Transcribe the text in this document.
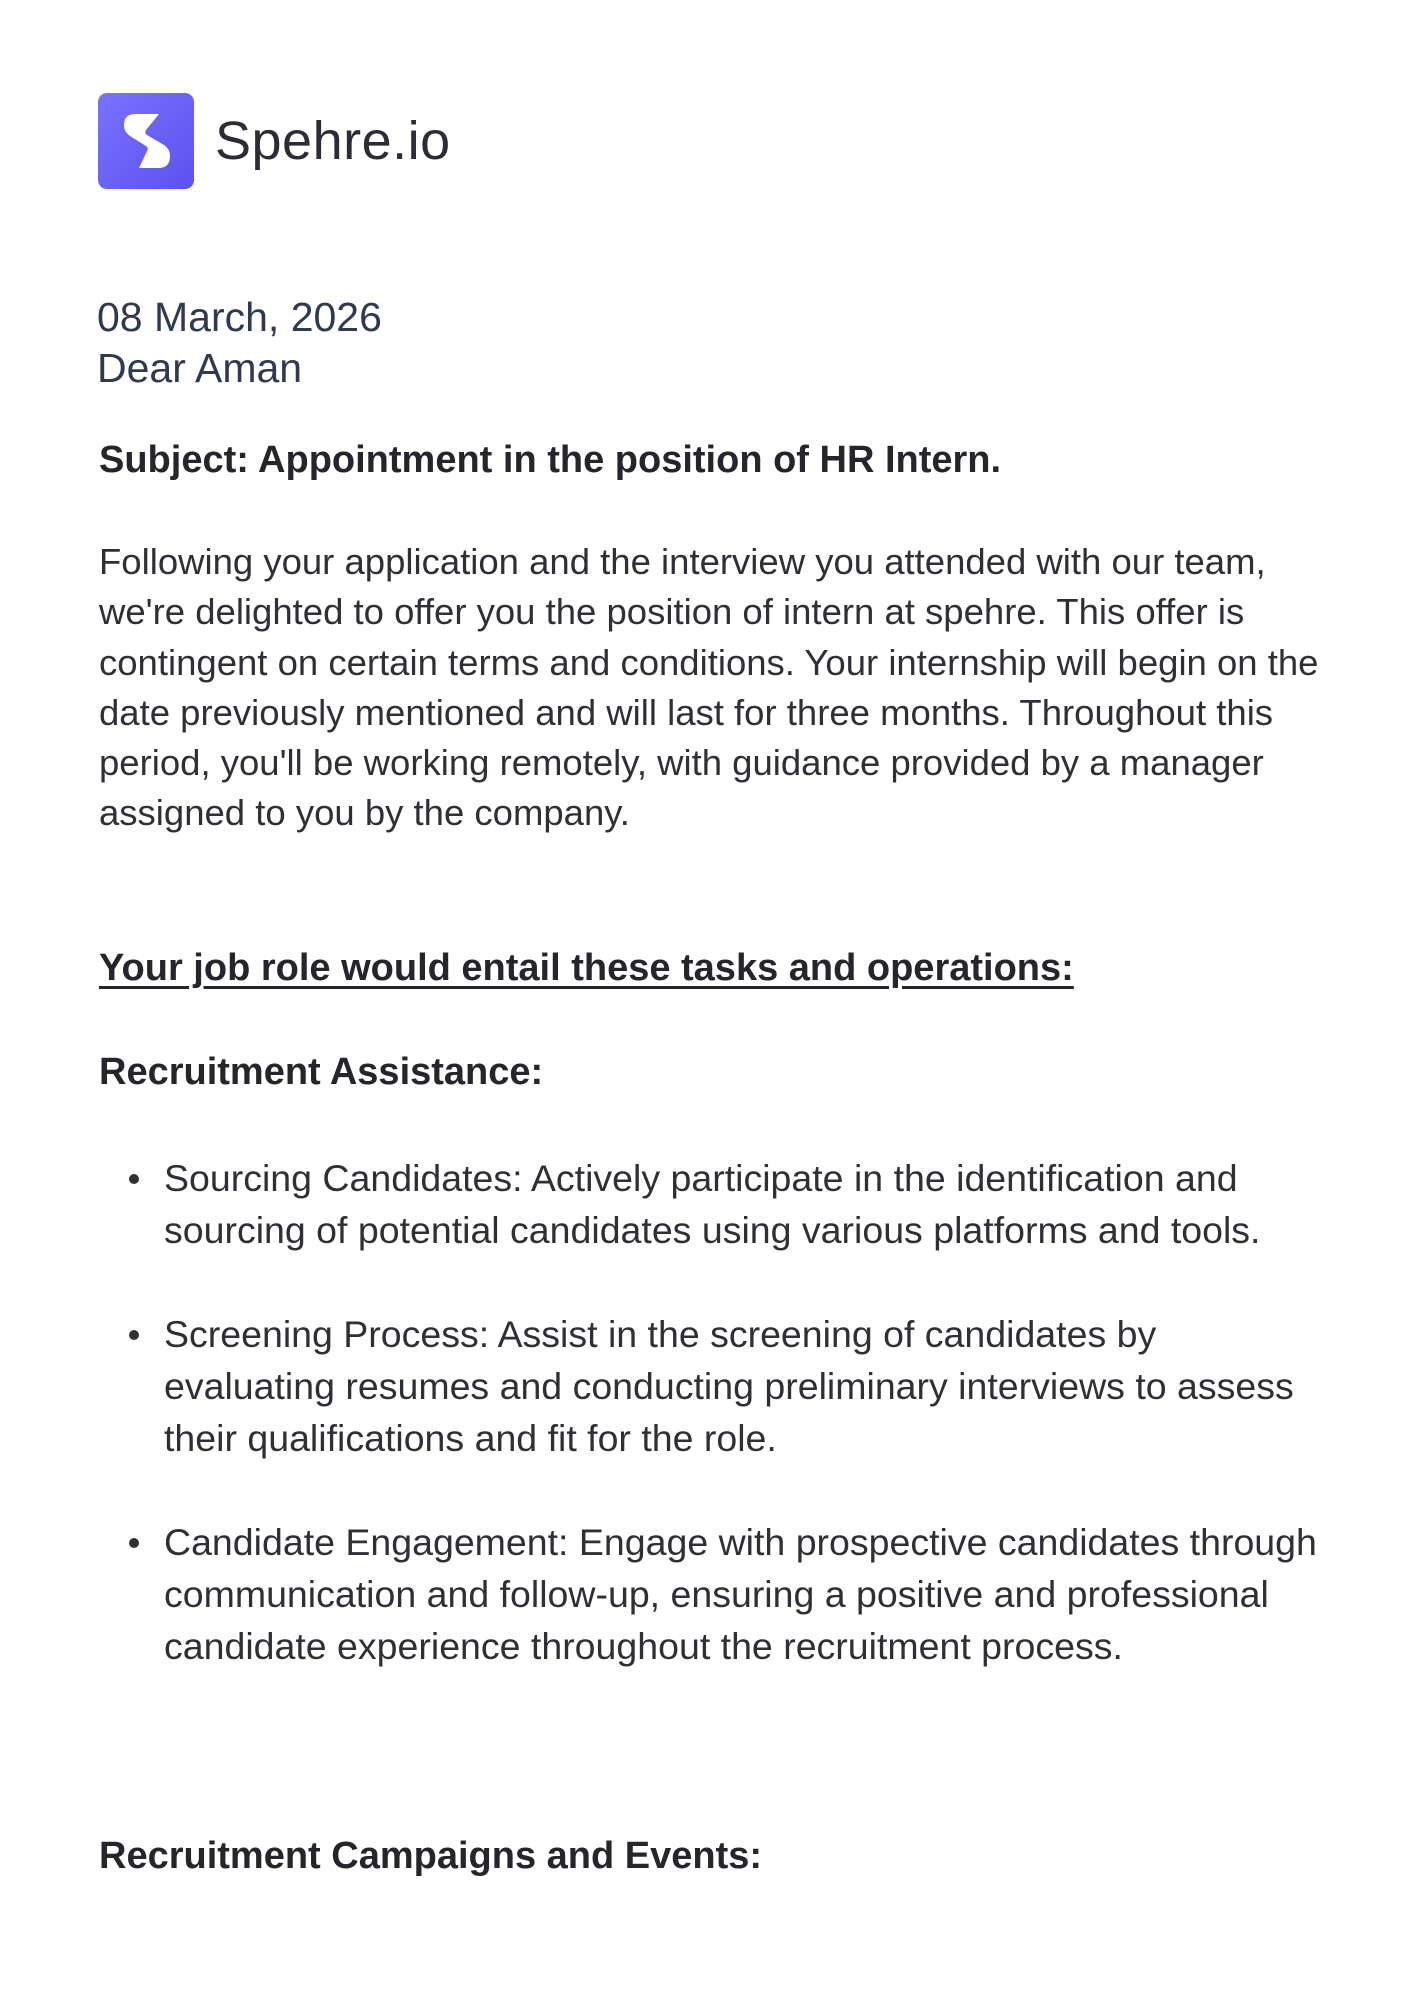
Spehre.io
08 March, 2026
Dear Aman
Subject: Appointment in the position of HR Intern.
Following your application and the interview you attended with our team, we're delighted to offer you the position of intern at spehre. This offer is contingent on certain terms and conditions. Your internship will begin on the date previously mentioned and will last for three months. Throughout this period, you'll be working remotely, with guidance provided by a manager assigned to you by the company.
Your job role would entail these tasks and operations:
Recruitment Assistance:
Sourcing Candidates: Actively participate in the identification and sourcing of potential candidates using various platforms and tools.
Screening Process: Assist in the screening of candidates by evaluating resumes and conducting preliminary interviews to assess their qualifications and fit for the role.
Candidate Engagement: Engage with prospective candidates through communication and follow-up, ensuring a positive and professional candidate experience throughout the recruitment process.
Recruitment Campaigns and Events:
